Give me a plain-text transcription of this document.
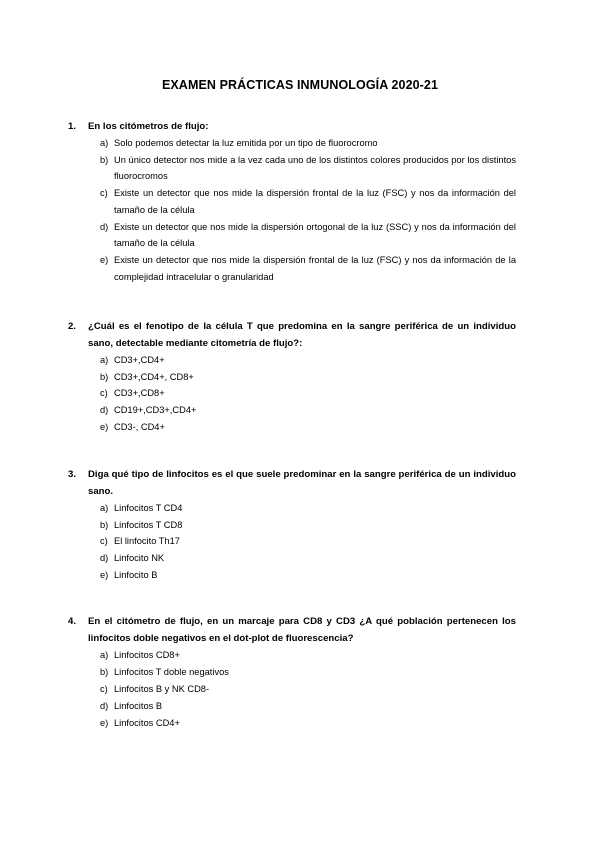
EXAMEN PRÁCTICAS INMUNOLOGÍA 2020-21
1. En los citómetros de flujo:
a) Solo podemos detectar la luz emitida por un tipo de fluorocromo
b) Un único detector nos mide a la vez cada uno de los distintos colores producidos por los distintos fluorocromos
c) Existe un detector que nos mide la dispersión frontal de la luz (FSC) y nos da información del tamaño de la célula
d) Existe un detector que nos mide la dispersión ortogonal de la luz (SSC) y nos da información del tamaño de la célula
e) Existe un detector que nos mide la dispersión frontal de la luz (FSC) y nos da información de la complejidad intracelular o granularidad
2. ¿Cuál es el fenotipo de la célula T que predomina en la sangre periférica de un individuo sano, detectable mediante citometría de flujo?:
a) CD3+,CD4+
b) CD3+,CD4+, CD8+
c) CD3+,CD8+
d) CD19+,CD3+,CD4+
e) CD3-, CD4+
3. Diga qué tipo de linfocitos es el que suele predominar en la sangre periférica de un individuo sano.
a) Linfocitos T CD4
b) Linfocitos T CD8
c) El linfocito Th17
d) Linfocito NK
e) Linfocito B
4. En el citómetro de flujo, en un marcaje para CD8 y CD3 ¿A qué población pertenecen los linfocitos doble negativos en el dot-plot de fluorescencia?
a) Linfocitos CD8+
b) Linfocitos T doble negativos
c) Linfocitos B y NK CD8-
d) Linfocitos B
e) Linfocitos CD4+
